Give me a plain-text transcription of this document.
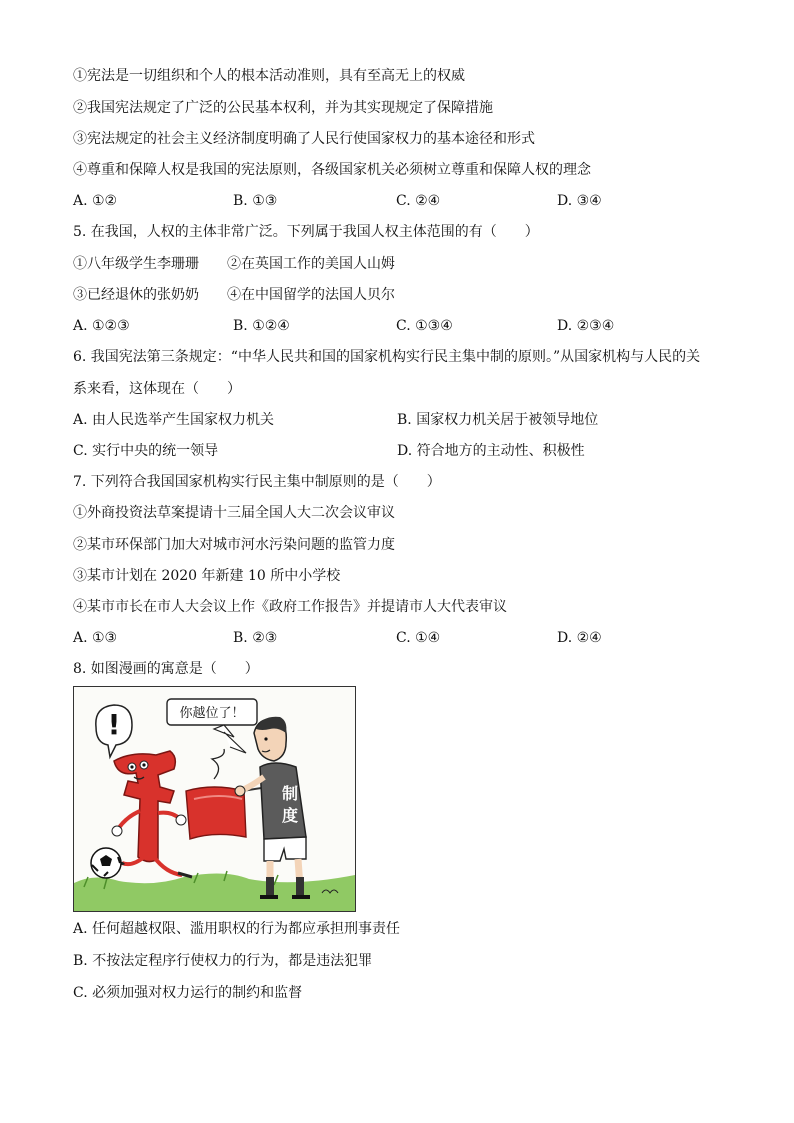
①宪法是一切组织和个人的根本活动准则，具有至高无上的权威
②我国宪法规定了广泛的公民基本权利，并为其实现规定了保障措施
③宪法规定的社会主义经济制度明确了人民行使国家权力的基本途径和形式
④尊重和保障人权是我国的宪法原则，各级国家机关必须树立尊重和保障人权的理念
A. ①②	B. ①③	C. ②④	D. ③④
5. 在我国，人权的主体非常广泛。下列属于我国人权主体范围的有（　　）
①八年级学生李珊珊　　②在英国工作的美国人山姆
③已经退休的张奶奶　　④在中国留学的法国人贝尔
A. ①②③	B. ①②④	C. ①③④	D. ②③④
6. 我国宪法第三条规定：“中华人民共和国的国家机构实行民主集中制的原则。”从国家机构与人民的关
系来看，这体现在（　　）
A. 由人民选举产生国家权力机关	B. 国家权力机关居于被领导地位
C. 实行中央的统一领导	D. 符合地方的主动性、积极性
7. 下列符合我国国家机构实行民主集中制原则的是（　　）
①外商投资法草案提请十三届全国人大二次会议审议
②某市环保部门加大对城市河水污染问题的监管力度
③某市计划在 2020 年新建 10 所中小学校
④某市市长在市人大会议上作《政府工作报告》并提请市人大代表审议
A. ①③	B. ②③	C. ①④	D. ②④
8. 如图漫画的寓意是（　　）
!	你越位了！
制
度
A. 任何超越权限、滥用职权的行为都应承担刑事责任
B. 不按法定程序行使权力的行为，都是违法犯罪
C. 必须加强对权力运行的制约和监督
